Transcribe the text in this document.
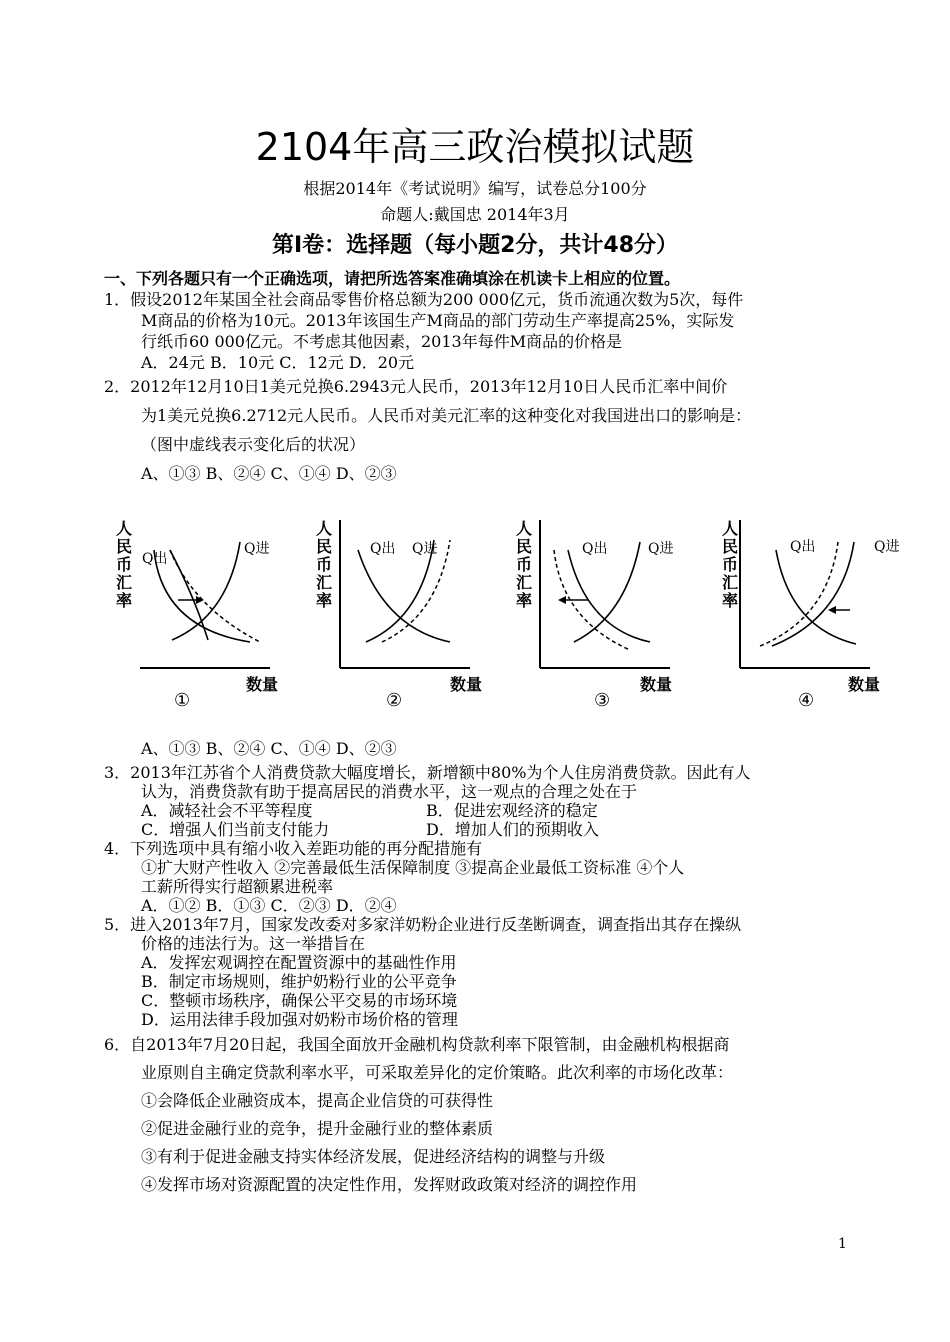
2104年高三政治模拟试题
根据2014年《考试说明》编写，试卷总分100分
命题人:戴国忠 2014年3月
第Ⅰ卷：选择题（每小题2分，共计48分）
一、下列各题只有一个正确选项，请把所选答案准确填涂在机读卡上相应的位置。
1．假设2012年某国全社会商品零售价格总额为200 000亿元，货币流通次数为5次，每件
M商品的价格为10元。2013年该国生产M商品的部门劳动生产率提高25%，实际发
行纸币60 000亿元。不考虑其他因素，2013年每件M商品的价格是
A．24元 B．10元 C．12元 D．20元
2．2012年12月10日1美元兑换6.2943元人民币，2013年12月10日人民币汇率中间价
为1美元兑换6.2712元人民币。人民币对美元汇率的这种变化对我国进出口的影响是：
（图中虚线表示变化后的状况）
A、①③ B、②④ C、①④ D、②③
人
民
币
汇
率
人
民
币
汇
率
人
民
币
汇
率
人
民
币
汇
率
Q出
Q进	Q出 Q进	Q出	Q进	Q出	Q进
数量	数量	数量	数量
①	②	③	④
A、①③ B、②④ C、①④ D、②③
3．2013年江苏省个人消费贷款大幅度增长，新增额中80%为个人住房消费贷款。因此有人
认为，消费贷款有助于提高居民的消费水平，这一观点的合理之处在于
A．减轻社会不平等程度	B．促进宏观经济的稳定
C．增强人们当前支付能力	D．增加人们的预期收入
4．下列选项中具有缩小收入差距功能的再分配措施有
①扩大财产性收入 ②完善最低生活保障制度 ③提高企业最低工资标准 ④个人
工薪所得实行超额累进税率
A．①② B．①③ C．②③ D．②④
5．进入2013年7月，国家发改委对多家洋奶粉企业进行反垄断调查，调查指出其存在操纵
价格的违法行为。这一举措旨在
A．发挥宏观调控在配置资源中的基础性作用
B．制定市场规则，维护奶粉行业的公平竞争
C．整顿市场秩序，确保公平交易的市场环境
D．运用法律手段加强对奶粉市场价格的管理
6．自2013年7月20日起，我国全面放开金融机构贷款利率下限管制，由金融机构根据商
业原则自主确定贷款利率水平，可采取差异化的定价策略。此次利率的市场化改革：
①会降低企业融资成本，提高企业信贷的可获得性
②促进金融行业的竞争，提升金融行业的整体素质
③有利于促进金融支持实体经济发展，促进经济结构的调整与升级
④发挥市场对资源配置的决定性作用，发挥财政政策对经济的调控作用
1
